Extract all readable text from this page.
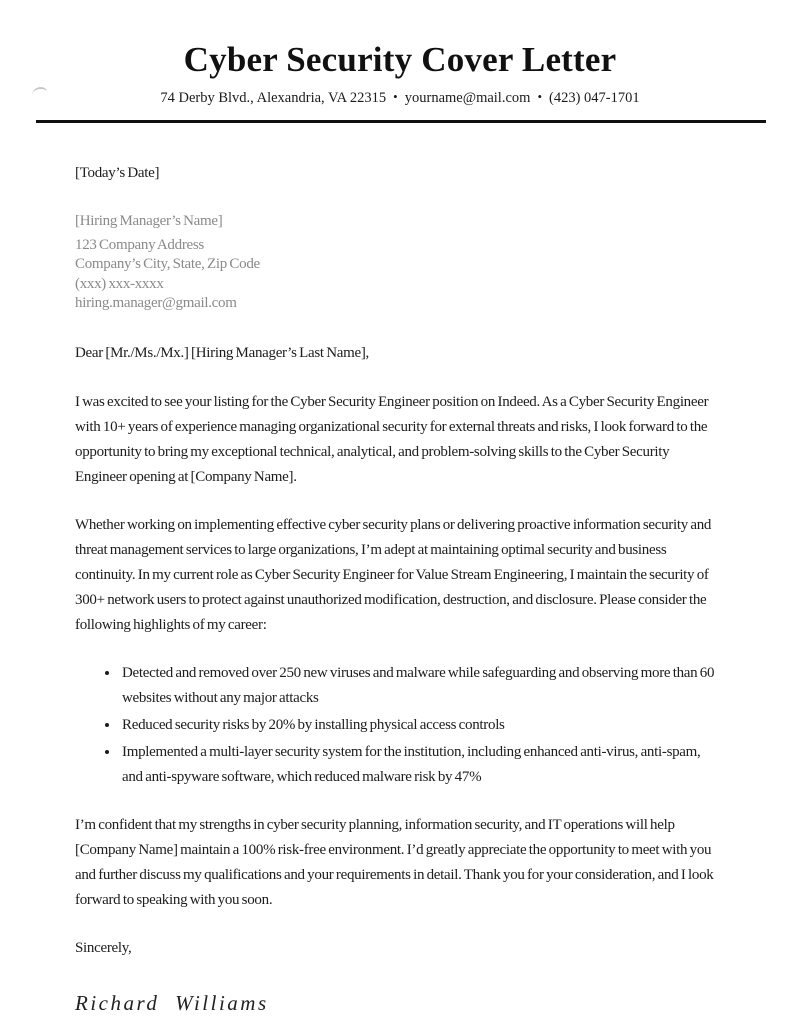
Cyber Security Cover Letter
74 Derby Blvd., Alexandria, VA 22315 • yourname@mail.com • (423) 047-1701

[Today’s Date]

[Hiring Manager’s Name]

123 Company Address

Company’s City, State, Zip Code

(xxx) xxx-xxxx

hiring.manager@gmail.com

Dear [Mr./Ms./Mx.] [Hiring Manager’s Last Name],

I was excited to see your listing for the Cyber Security Engineer position on Indeed. As a Cyber Security Engineer with 10+ years of experience managing organizational security for external threats and risks, I look forward to the opportunity to bring my exceptional technical, analytical, and problem-solving skills to the Cyber Security Engineer opening at [Company Name].

Whether working on implementing effective cyber security plans or delivering proactive information security and threat management services to large organizations, I’m adept at maintaining optimal security and business continuity. In my current role as Cyber Security Engineer for Value Stream Engineering, I maintain the security of 300+ network users to protect against unauthorized modification, destruction, and disclosure. Please consider the following highlights of my career:

• Detected and removed over 250 new viruses and malware while safeguarding and observing more than 60 websites without any major attacks
• Reduced security risks by 20% by installing physical access controls
• Implemented a multi-layer security system for the institution, including enhanced anti-virus, anti-spam, and anti-spyware software, which reduced malware risk by 47%

I’m confident that my strengths in cyber security planning, information security, and IT operations will help [Company Name] maintain a 100% risk-free environment. I’d greatly appreciate the opportunity to meet with you and further discuss my qualifications and your requirements in detail. Thank you for your consideration, and I look forward to speaking with you soon.

Sincerely,

Richard Williams
